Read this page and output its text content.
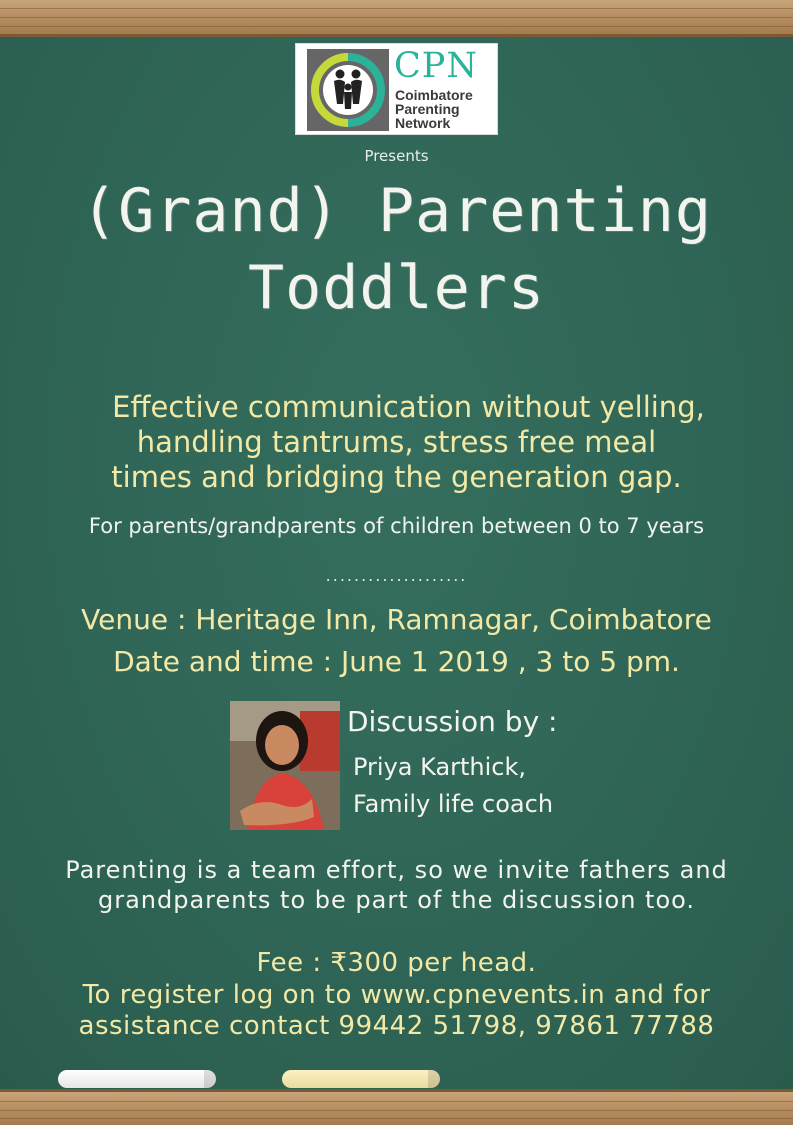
CPN
Coimbatore
Parenting
Network
Presents
(Grand) Parenting
Toddlers
Effective communication without yelling,
handling tantrums, stress free meal
times and bridging the generation gap.
For parents/grandparents of children between 0 to 7 years
....................
Venue : Heritage Inn, Ramnagar, Coimbatore
Date and time : June 1 2019 , 3 to 5 pm.
Discussion by :
Priya Karthick,
Family life coach
Parenting is a team effort, so we invite fathers and
grandparents to be part of the discussion too.
Fee : ₹300 per head.
To register log on to www.cpnevents.in and for
assistance contact 99442 51798, 97861 77788
